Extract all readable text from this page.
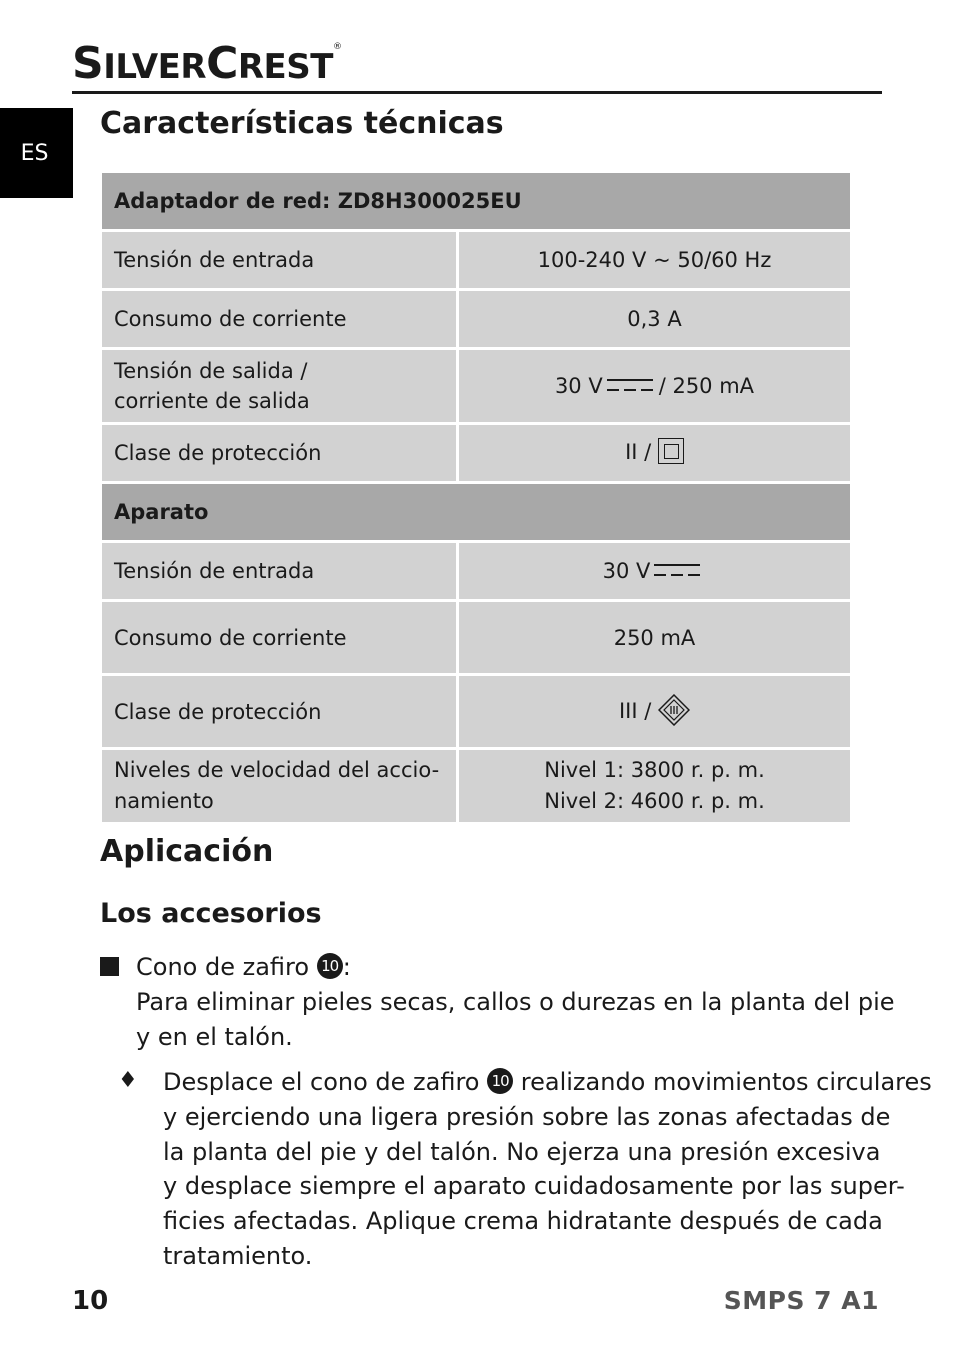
SILVERCREST®
ES
Características técnicas
Adaptador de red: ZD8H300025EU	
Tensión de entrada	100-240 V ~ 50/60 Hz
Consumo de corriente	0,3 A
Tensión de salida /
corriente de salida	30 V / 250 mA
Clase de protección	II /
Aparato	
Tensión de entrada	30 V
Consumo de corriente	250 mA
Clase de protección	III /
Niveles de velocidad del accio-
namiento	Nivel 1: 3800 r. p. m.
Nivel 2: 4600 r. p. m.
Aplicación
Los accesorios
Cono de zafiro 10 :
Para eliminar pieles secas, callos o durezas en la planta del pie
y en el talón.
♦ Desplace el cono de zafiro 10 realizando movimientos circulares
y ejerciendo una ligera presión sobre las zonas afectadas de
la planta del pie y del talón. No ejerza una presión excesiva
y desplace siempre el aparato cuidadosamente por las super-
ficies afectadas. Aplique crema hidratante después de cada
tratamiento.
10	SMPS 7 A1
